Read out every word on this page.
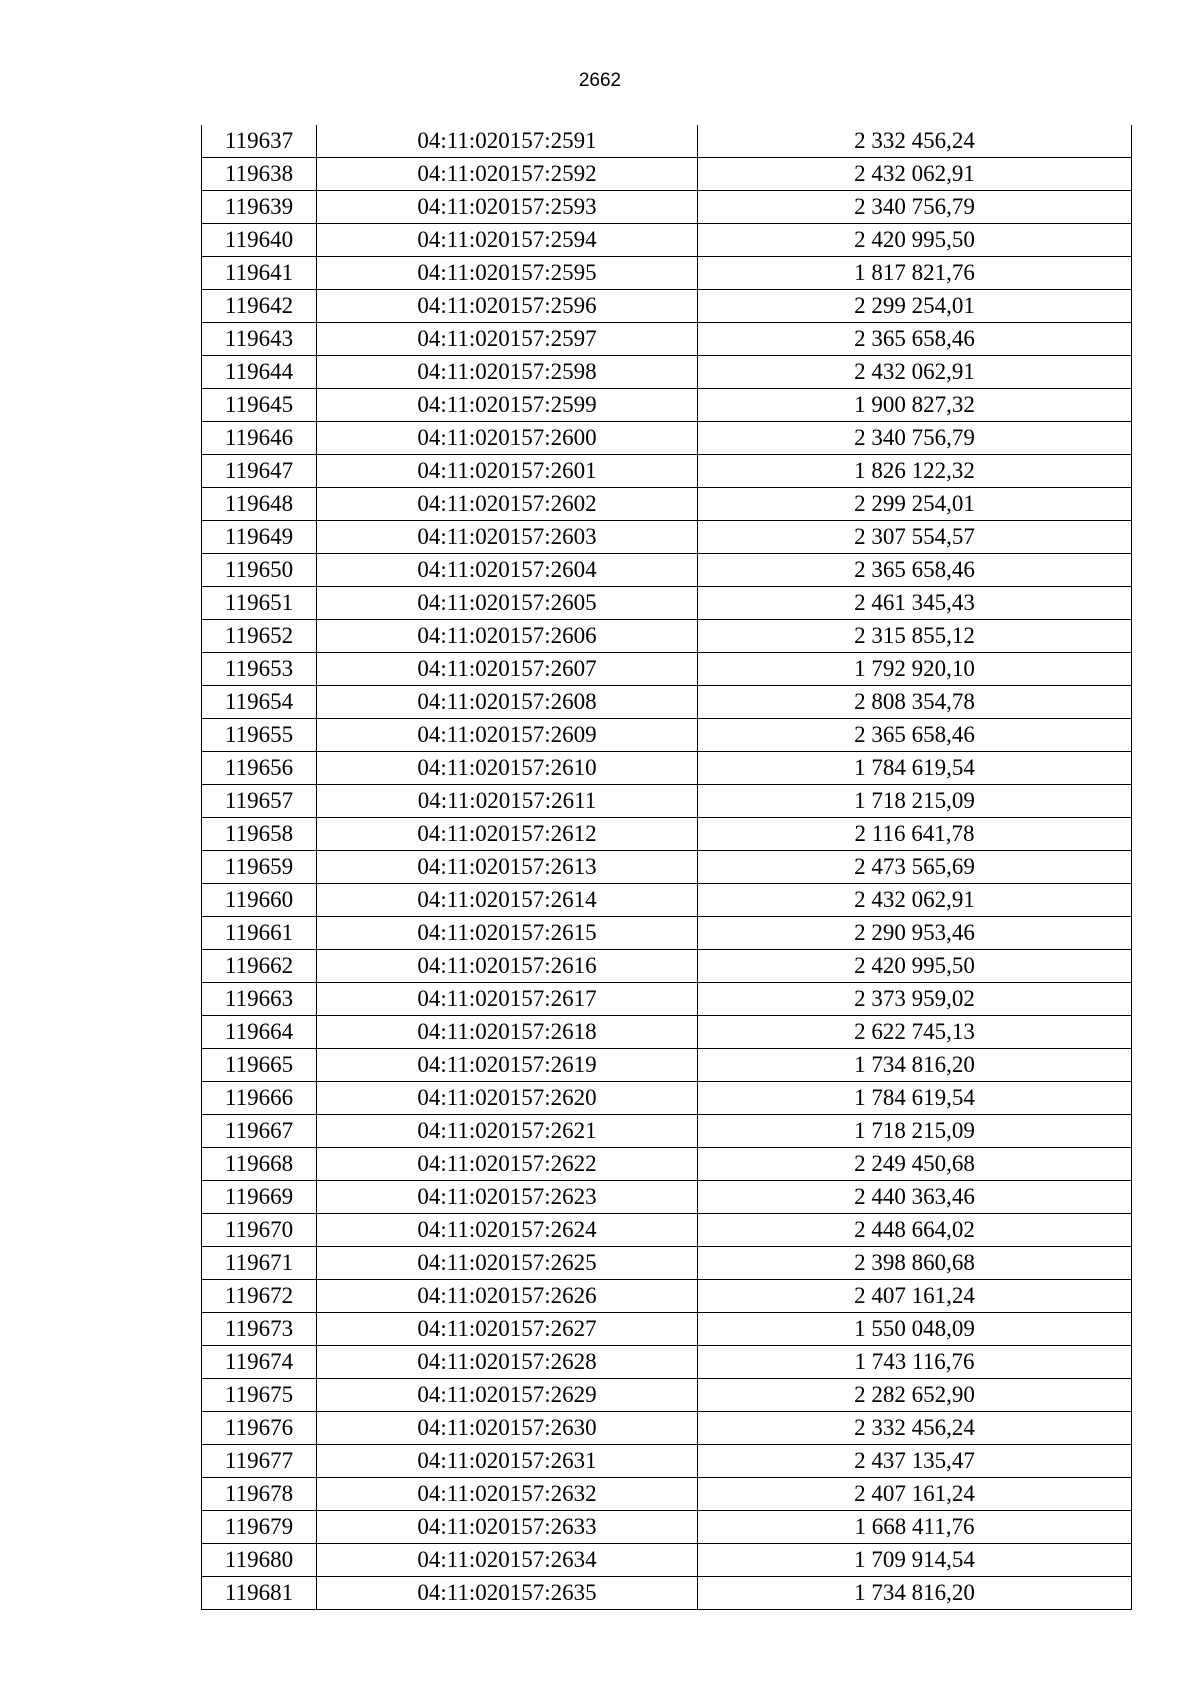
2662
119637	04:11:020157:2591	2 332 456,24
119638	04:11:020157:2592	2 432 062,91
119639	04:11:020157:2593	2 340 756,79
119640	04:11:020157:2594	2 420 995,50
119641	04:11:020157:2595	1 817 821,76
119642	04:11:020157:2596	2 299 254,01
119643	04:11:020157:2597	2 365 658,46
119644	04:11:020157:2598	2 432 062,91
119645	04:11:020157:2599	1 900 827,32
119646	04:11:020157:2600	2 340 756,79
119647	04:11:020157:2601	1 826 122,32
119648	04:11:020157:2602	2 299 254,01
119649	04:11:020157:2603	2 307 554,57
119650	04:11:020157:2604	2 365 658,46
119651	04:11:020157:2605	2 461 345,43
119652	04:11:020157:2606	2 315 855,12
119653	04:11:020157:2607	1 792 920,10
119654	04:11:020157:2608	2 808 354,78
119655	04:11:020157:2609	2 365 658,46
119656	04:11:020157:2610	1 784 619,54
119657	04:11:020157:2611	1 718 215,09
119658	04:11:020157:2612	2 116 641,78
119659	04:11:020157:2613	2 473 565,69
119660	04:11:020157:2614	2 432 062,91
119661	04:11:020157:2615	2 290 953,46
119662	04:11:020157:2616	2 420 995,50
119663	04:11:020157:2617	2 373 959,02
119664	04:11:020157:2618	2 622 745,13
119665	04:11:020157:2619	1 734 816,20
119666	04:11:020157:2620	1 784 619,54
119667	04:11:020157:2621	1 718 215,09
119668	04:11:020157:2622	2 249 450,68
119669	04:11:020157:2623	2 440 363,46
119670	04:11:020157:2624	2 448 664,02
119671	04:11:020157:2625	2 398 860,68
119672	04:11:020157:2626	2 407 161,24
119673	04:11:020157:2627	1 550 048,09
119674	04:11:020157:2628	1 743 116,76
119675	04:11:020157:2629	2 282 652,90
119676	04:11:020157:2630	2 332 456,24
119677	04:11:020157:2631	2 437 135,47
119678	04:11:020157:2632	2 407 161,24
119679	04:11:020157:2633	1 668 411,76
119680	04:11:020157:2634	1 709 914,54
119681	04:11:020157:2635	1 734 816,20
